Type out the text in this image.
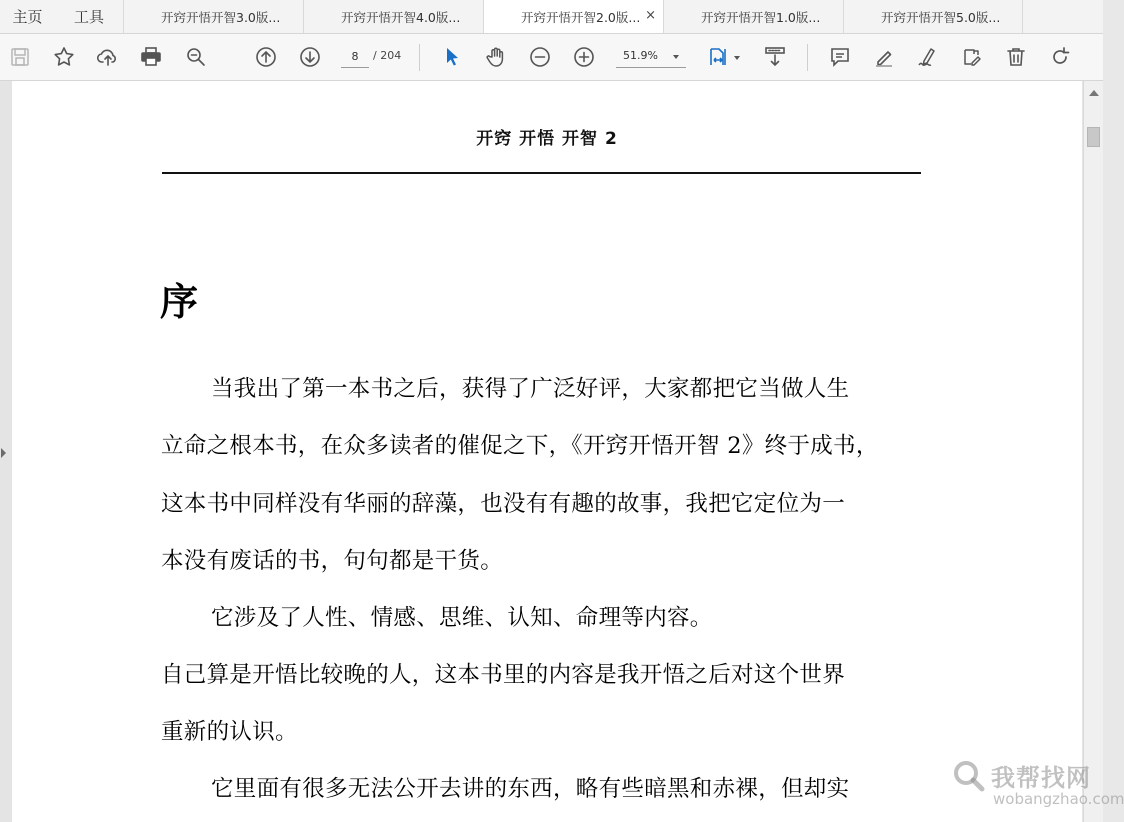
主页	工具	开窍开悟开智3.0版...	开窍开悟开智4.0版...	开窍开悟开智2.0版... ×	开窍开悟开智1.0版...	开窍开悟开智5.0版...
8
/ 204	51.9%
开窍 开悟 开智 2
序
当我出了第一本书之后，获得了广泛好评，大家都把它当做人生
立命之根本书，在众多读者的催促之下，《开窍开悟开智 2》终于成书，
这本书中同样没有华丽的辞藻，也没有有趣的故事，我把它定位为一
本没有废话的书，句句都是干货。
它涉及了人性、情感、思维、认知、命理等内容。
自己算是开悟比较晚的人，这本书里的内容是我开悟之后对这个世界
重新的认识。
它里面有很多无法公开去讲的东西，略有些暗黑和赤裸，但却实	我帮找网
wobangzhao.com
